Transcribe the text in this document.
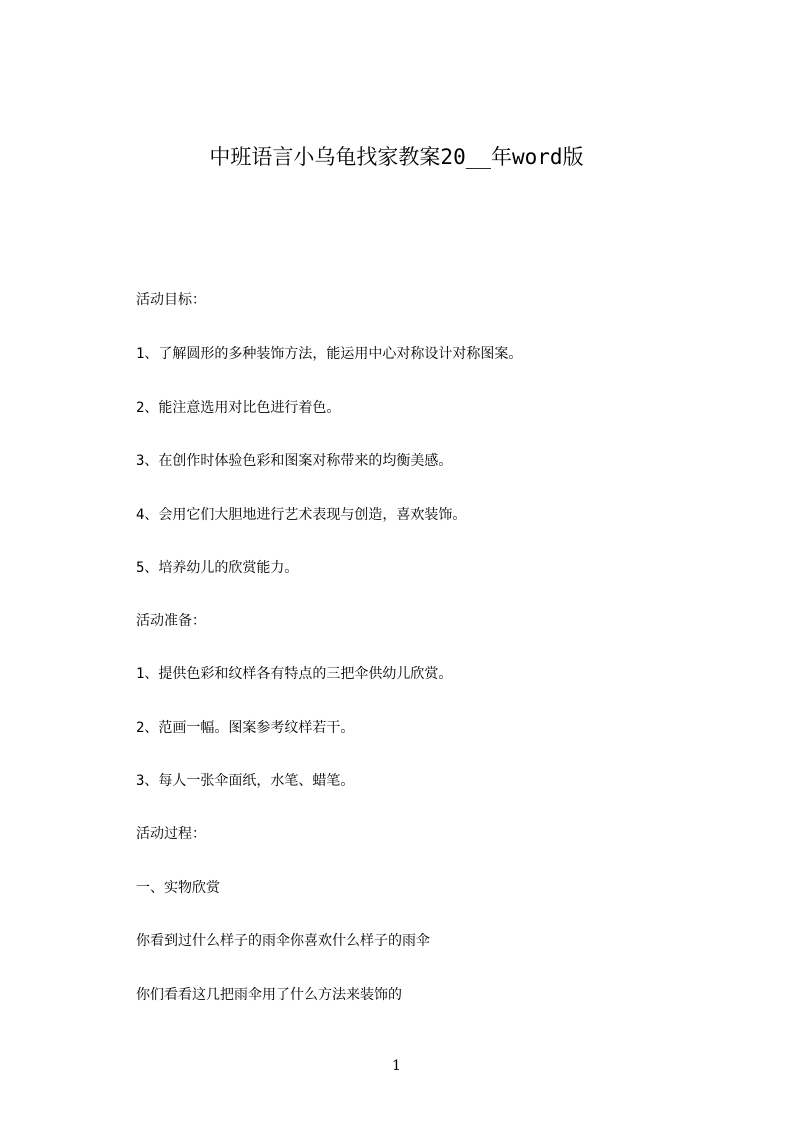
中班语言小乌龟找家教案20__年word版

活动目标：

1、了解圆形的多种装饰方法，能运用中心对称设计对称图案。

2、能注意选用对比色进行着色。

3、在创作时体验色彩和图案对称带来的均衡美感。

4、会用它们大胆地进行艺术表现与创造，喜欢装饰。

5、培养幼儿的欣赏能力。

活动准备：

1、提供色彩和纹样各有特点的三把伞供幼儿欣赏。

2、范画一幅。图案参考纹样若干。

3、每人一张伞面纸，水笔、蜡笔。

活动过程：

一、实物欣赏

你看到过什么样子的雨伞你喜欢什么样子的雨伞

你们看看这几把雨伞用了什么方法来装饰的

1
